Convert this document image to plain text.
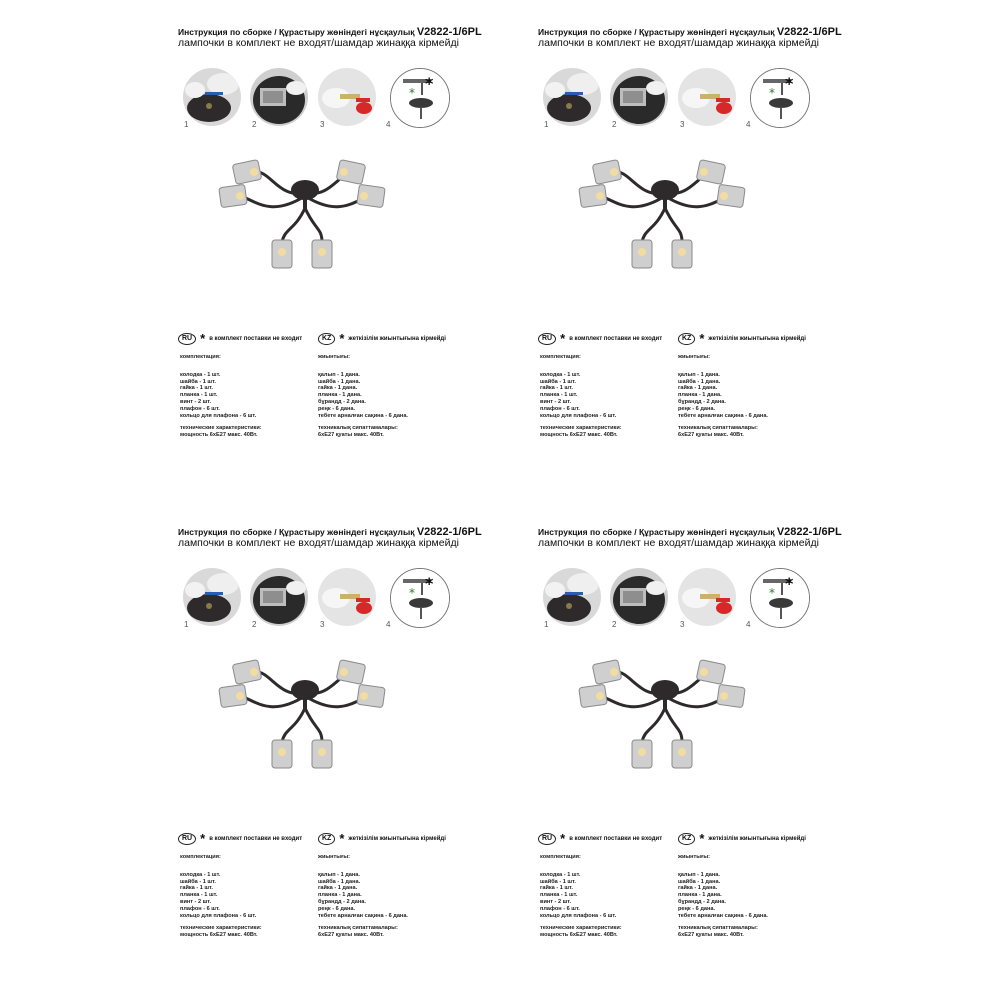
Инструкция по сборке / Құрастыру жөніндегі нұсқаулық V2822-1/6PL
лампочки в комплект не входят/шамдар жинаққа кірмейді
1	2	3
*
*
4
RU * в комплект поставки не входит	KZ * жеткізілім жиынтығына кірмейді
комплектация:
колодка - 1 шт.
шайба - 1 шт.
гайка - 1 шт.
планка - 1 шт.
винт - 2 шт.
плафон - 6 шт.
кольцо для плафона - 6 шт.
технические характеристики:
мощность 6xE27 макс. 40Вт.
жиынтығы:
қалып - 1 дана.
шайба - 1 дана.
гайка - 1 дана.
планка - 1 дана.
бұрандд - 2 дана.
реңк - 6 дана.
тебете арналған сақина - 6 дана.
техникалық сипаттамалары:
6хЕ27 қуаты макс. 40Вт.
Инструкция по сборке / Құрастыру жөніндегі нұсқаулық V2822-1/6PL
лампочки в комплект не входят/шамдар жинаққа кірмейді
1	2	3
*
*
4
RU * в комплект поставки не входит	KZ * жеткізілім жиынтығына кірмейді
комплектация:
колодка - 1 шт.
шайба - 1 шт.
гайка - 1 шт.
планка - 1 шт.
винт - 2 шт.
плафон - 6 шт.
кольцо для плафона - 6 шт.
технические характеристики:
мощность 6xE27 макс. 40Вт.
жиынтығы:
қалып - 1 дана.
шайба - 1 дана.
гайка - 1 дана.
планка - 1 дана.
бұрандд - 2 дана.
реңк - 6 дана.
тебете арналған сақина - 6 дана.
техникалық сипаттамалары:
6хЕ27 қуаты макс. 40Вт.
Инструкция по сборке / Құрастыру жөніндегі нұсқаулық V2822-1/6PL
лампочки в комплект не входят/шамдар жинаққа кірмейді
1	2	3
*
*
4
RU * в комплект поставки не входит	KZ * жеткізілім жиынтығына кірмейді
комплектация:
колодка - 1 шт.
шайба - 1 шт.
гайка - 1 шт.
планка - 1 шт.
винт - 2 шт.
плафон - 6 шт.
кольцо для плафона - 6 шт.
технические характеристики:
мощность 6xE27 макс. 40Вт.
жиынтығы:
қалып - 1 дана.
шайба - 1 дана.
гайка - 1 дана.
планка - 1 дана.
бұрандд - 2 дана.
реңк - 6 дана.
тебете арналған сақина - 6 дана.
техникалық сипаттамалары:
6хЕ27 қуаты макс. 40Вт.
Инструкция по сборке / Құрастыру жөніндегі нұсқаулық V2822-1/6PL
лампочки в комплект не входят/шамдар жинаққа кірмейді
1	2	3
*
*
4
RU * в комплект поставки не входит	KZ * жеткізілім жиынтығына кірмейді
комплектация:
колодка - 1 шт.
шайба - 1 шт.
гайка - 1 шт.
планка - 1 шт.
винт - 2 шт.
плафон - 6 шт.
кольцо для плафона - 6 шт.
технические характеристики:
мощность 6xE27 макс. 40Вт.
жиынтығы:
қалып - 1 дана.
шайба - 1 дана.
гайка - 1 дана.
планка - 1 дана.
бұрандд - 2 дана.
реңк - 6 дана.
тебете арналған сақина - 6 дана.
техникалық сипаттамалары:
6хЕ27 қуаты макс. 40Вт.
